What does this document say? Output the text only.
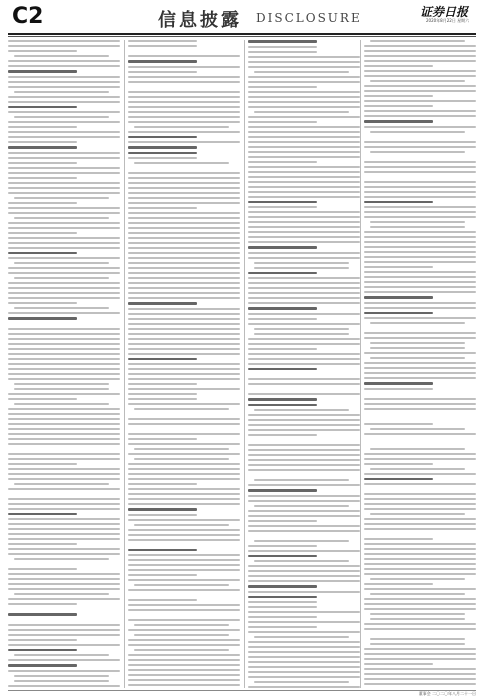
C2	信息披露 DISCLOSURE	证券日报
2020年8月22日 星期六
董事会 二〇二〇年八月二十一日
